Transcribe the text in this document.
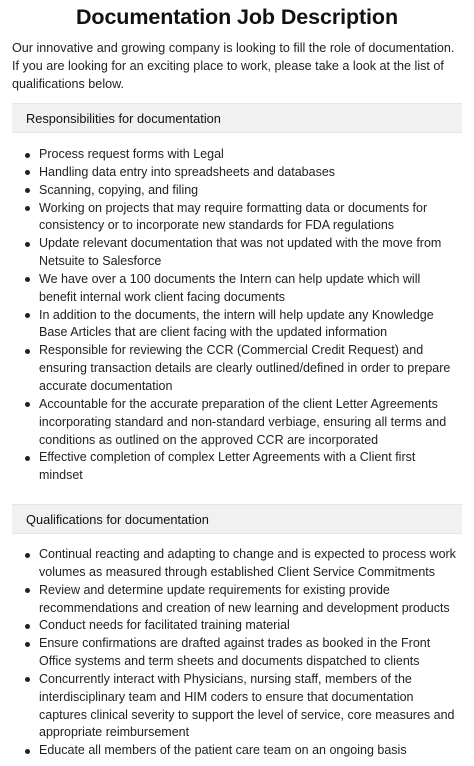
Documentation Job Description

Our innovative and growing company is looking to fill the role of documentation. If you are looking for an exciting place to work, please take a look at the list of qualifications below.

Responsibilities for documentation
Process request forms with Legal
Handling data entry into spreadsheets and databases
Scanning, copying, and filing
Working on projects that may require formatting data or documents for consistency or to incorporate new standards for FDA regulations
Update relevant documentation that was not updated with the move from Netsuite to Salesforce
We have over a 100 documents the Intern can help update which will benefit internal work client facing documents
In addition to the documents, the intern will help update any Knowledge Base Articles that are client facing with the updated information
Responsible for reviewing the CCR (Commercial Credit Request) and ensuring transaction details are clearly outlined/defined in order to prepare accurate documentation
Accountable for the accurate preparation of the client Letter Agreements incorporating standard and non-standard verbiage, ensuring all terms and conditions as outlined on the approved CCR are incorporated
Effective completion of complex Letter Agreements with a Client first mindset
Qualifications for documentation
Continual reacting and adapting to change and is expected to process work volumes as measured through established Client Service Commitments
Review and determine update requirements for existing provide recommendations and creation of new learning and development products
Conduct needs for facilitated training material
Ensure confirmations are drafted against trades as booked in the Front Office systems and term sheets and documents dispatched to clients
Concurrently interact with Physicians, nursing staff, members of the interdisciplinary team and HIM coders to ensure that documentation captures clinical severity to support the level of service, core measures and appropriate reimbursement
Educate all members of the patient care team on an ongoing basis
